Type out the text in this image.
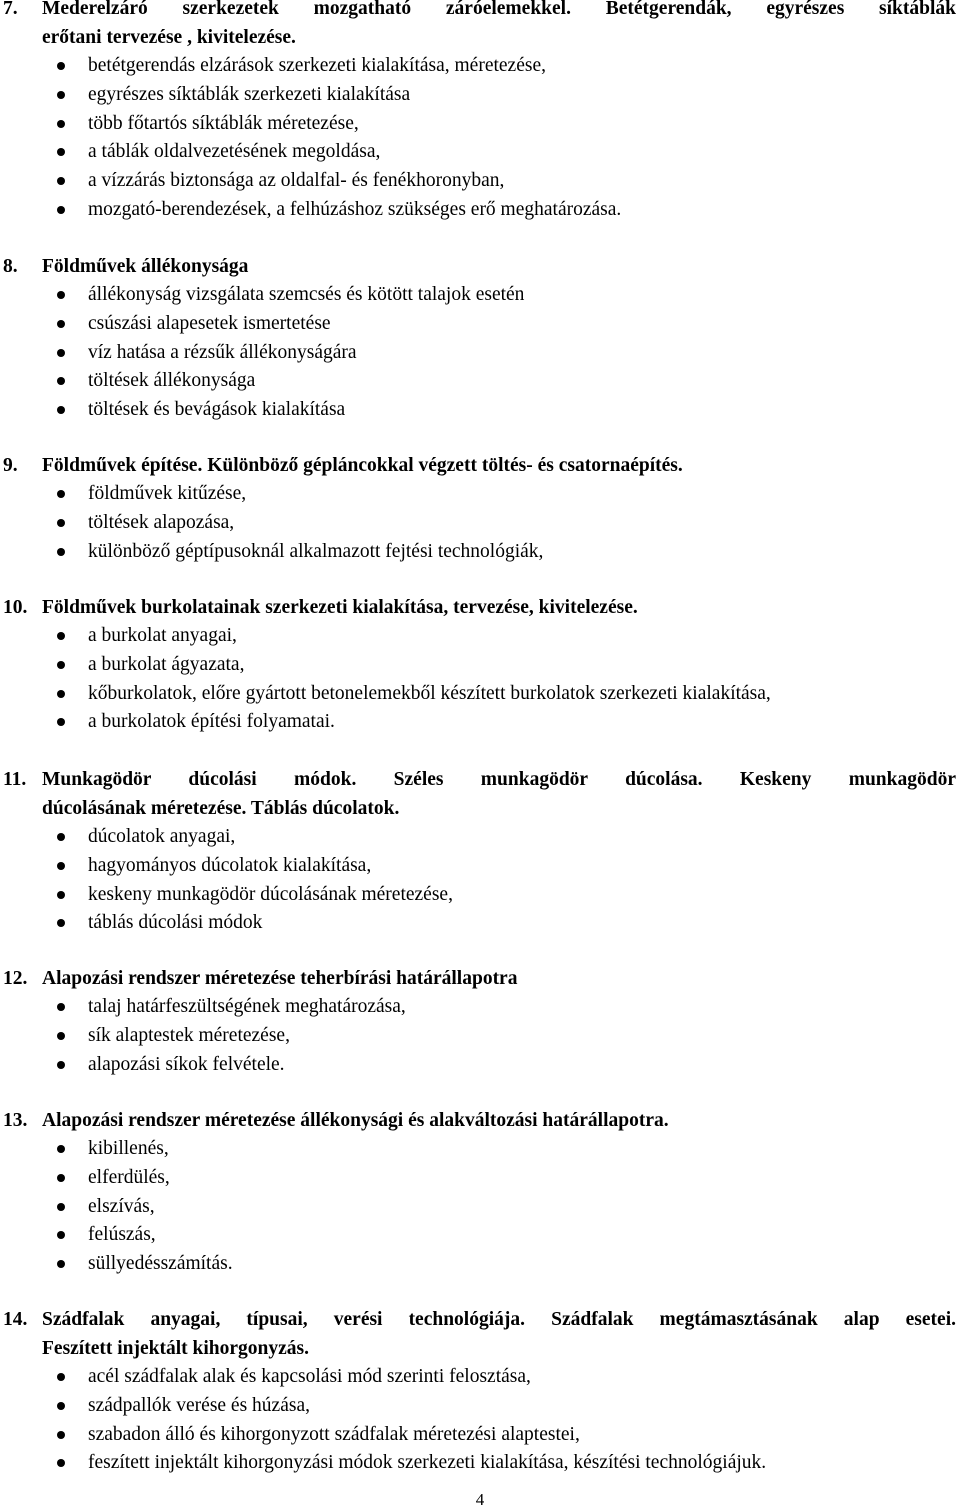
7. Mederelzáró szerkezetek mozgatható záróelemekkel. Betétgerendák, egyrészes síktáblák
erőtani tervezése , kivitelezése.
betétgerendás elzárások szerkezeti kialakítása, méretezése,
egyrészes síktáblák szerkezeti kialakítása
több főtartós síktáblák méretezése,
a táblák oldalvezetésének megoldása,
a vízzárás biztonsága az oldalfal- és fenékhoronyban,
mozgató-berendezések, a felhúzáshoz szükséges erő meghatározása.
8. Földművek állékonysága
állékonyság vizsgálata szemcsés és kötött talajok esetén
csúszási alapesetek ismertetése
víz hatása a rézsűk állékonyságára
töltések állékonysága
töltések és bevágások kialakítása
9. Földművek építése. Különböző gépláncokkal végzett töltés- és csatornaépítés.
földművek kitűzése,
töltések alapozása,
különböző géptípusoknál alkalmazott fejtési technológiák,
10. Földművek burkolatainak szerkezeti kialakítása, tervezése, kivitelezése.
a burkolat anyagai,
a burkolat ágyazata,
kőburkolatok, előre gyártott betonelemekből készített burkolatok szerkezeti kialakítása,
a burkolatok építési folyamatai.
11. Munkagödör dúcolási módok. Széles munkagödör dúcolása. Keskeny munkagödör
dúcolásának méretezése. Táblás dúcolatok.
dúcolatok anyagai,
hagyományos dúcolatok kialakítása,
keskeny munkagödör dúcolásának méretezése,
táblás dúcolási módok
12. Alapozási rendszer méretezése teherbírási határállapotra
talaj határfeszültségének meghatározása,
sík alaptestek méretezése,
alapozási síkok felvétele.
13. Alapozási rendszer méretezése állékonysági és alakváltozási határállapotra.
kibillenés,
elferdülés,
elszívás,
felúszás,
süllyedésszámítás.
14. Szádfalak anyagai, típusai, verési technológiája. Szádfalak megtámasztásának alap esetei.
Feszített injektált kihorgonyzás.
acél szádfalak alak és kapcsolási mód szerinti felosztása,
szádpallók verése és húzása,
szabadon álló és kihorgonyzott szádfalak méretezési alaptestei,
feszített injektált kihorgonyzási módok szerkezeti kialakítása, készítési technológiájuk.
4
